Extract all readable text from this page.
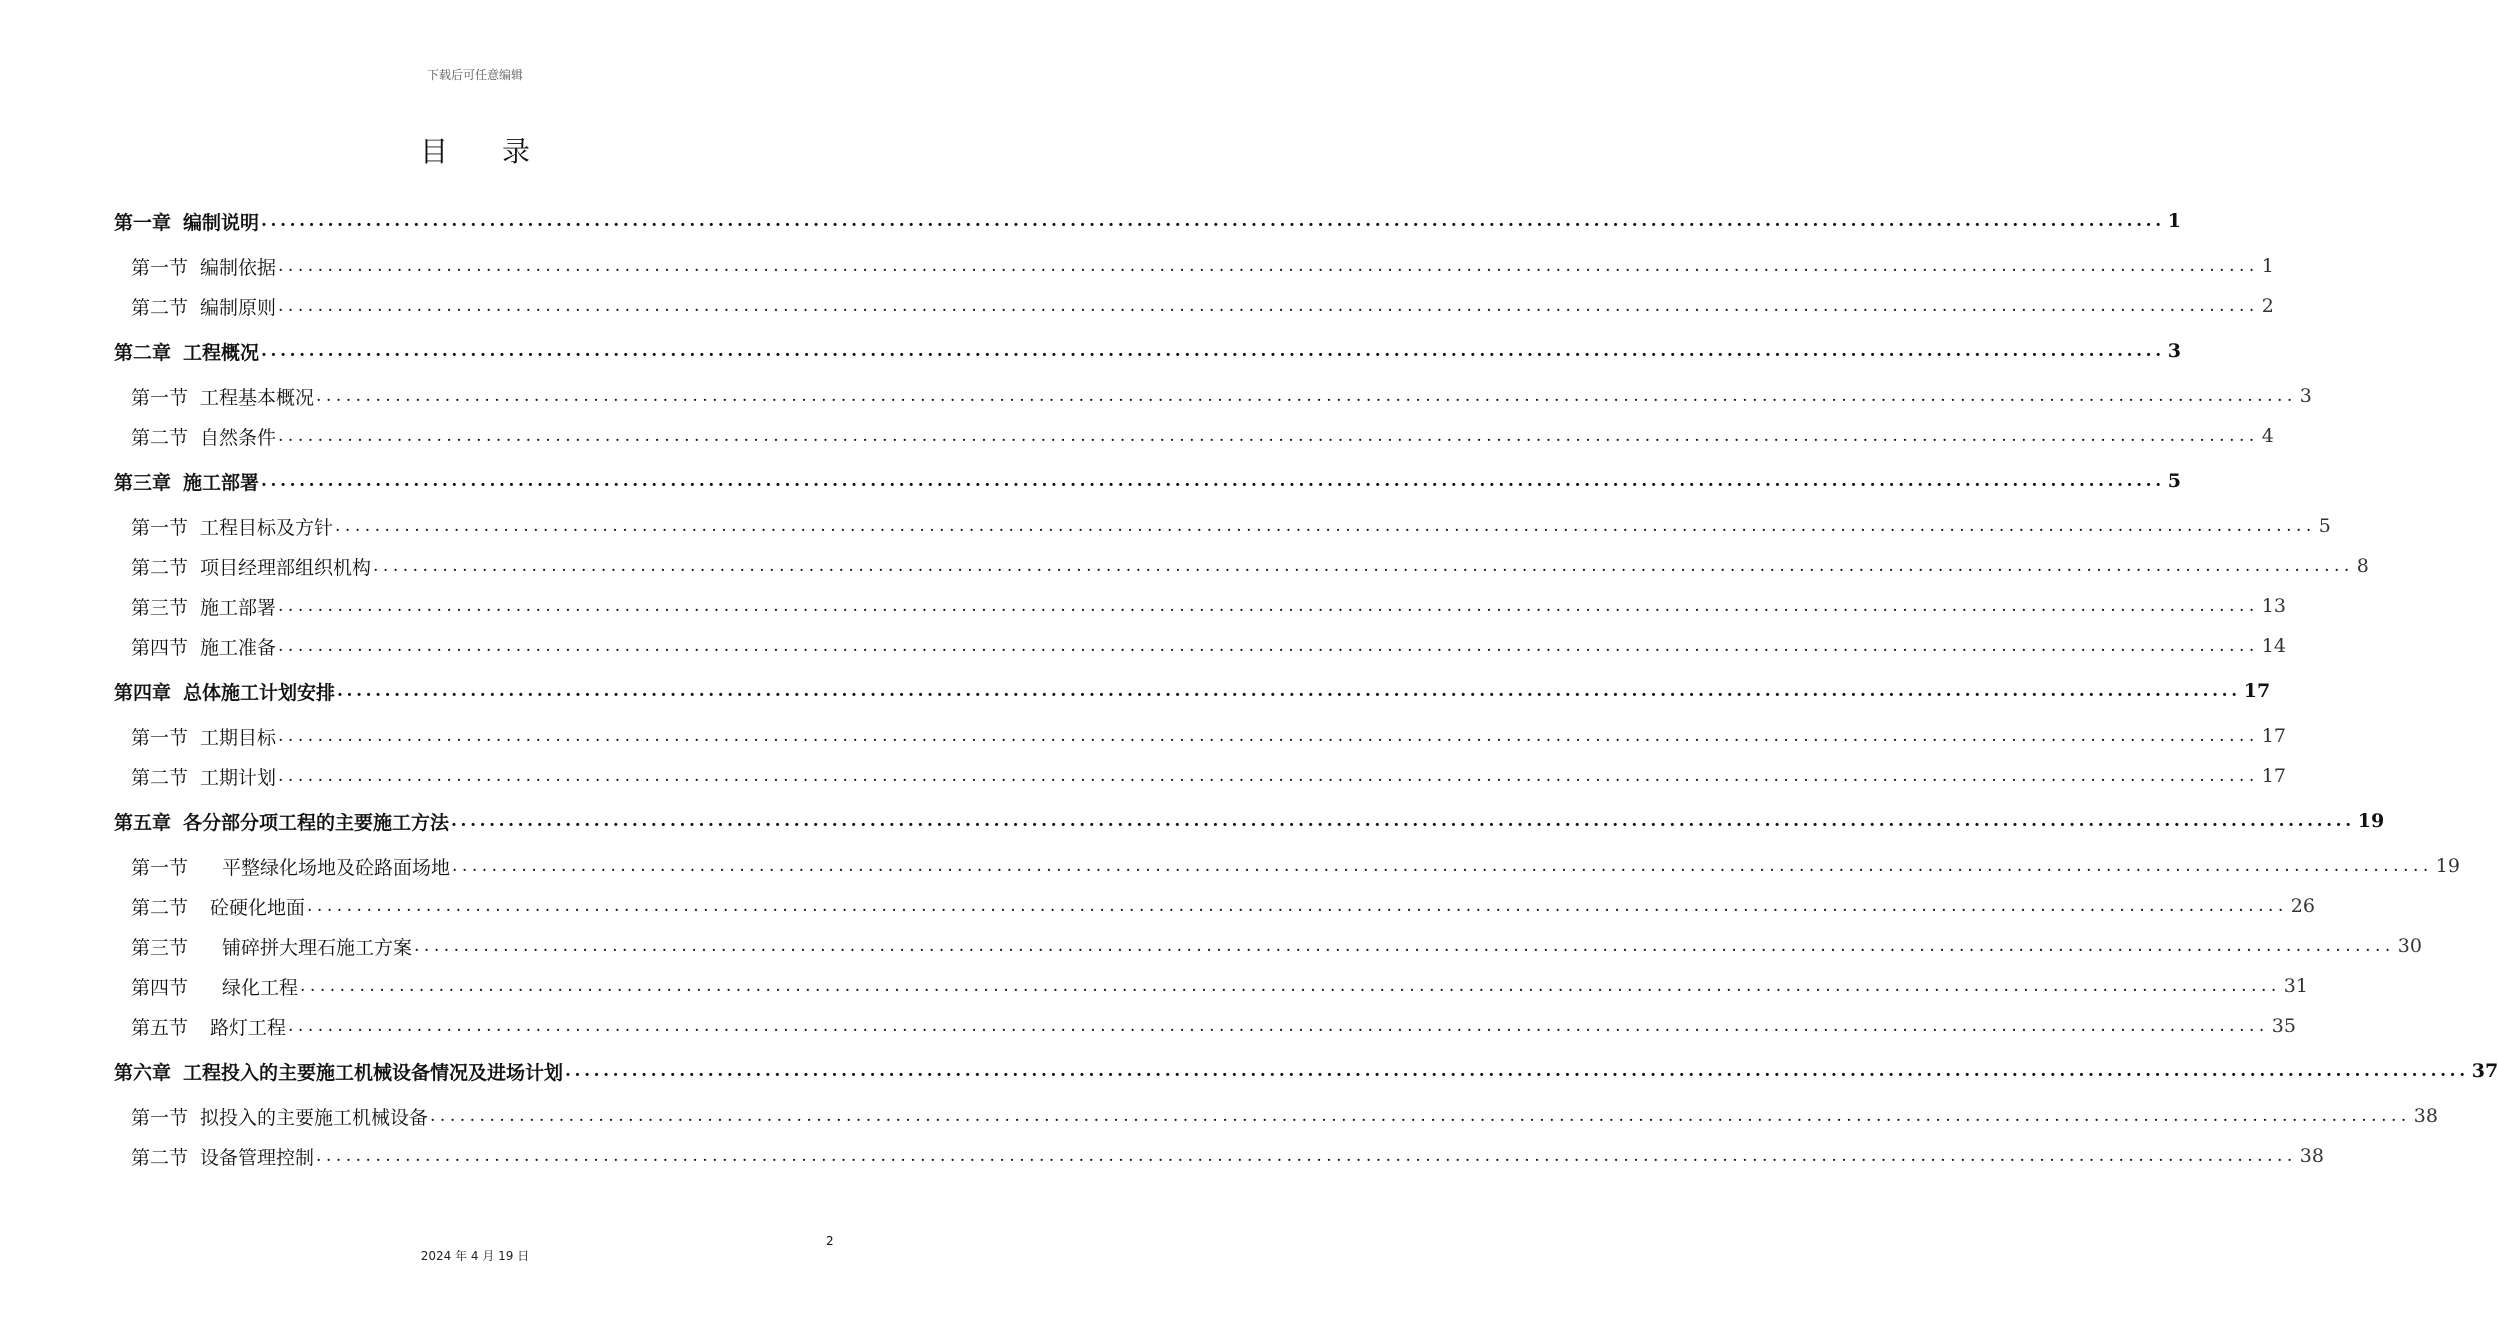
下载后可任意编辑
目录
第一章 编制说明 ........................................................................................................................................................................................................ 1
第一节 编制依据 ........................................................................................................................................................................................................ 1
第二节 编制原则 ........................................................................................................................................................................................................ 2
第二章 工程概况 ........................................................................................................................................................................................................ 3
第一节 工程基本概况 ........................................................................................................................................................................................................ 3
第二节 自然条件 ........................................................................................................................................................................................................ 4
第三章 施工部署 ........................................................................................................................................................................................................ 5
第一节 工程目标及方针 ........................................................................................................................................................................................................ 5
第二节 项目经理部组织机构 ........................................................................................................................................................................................................ 8
第三节 施工部署 ........................................................................................................................................................................................................ 13
第四节 施工准备 ........................................................................................................................................................................................................ 14
第四章 总体施工计划安排 ........................................................................................................................................................................................................ 17
第一节 工期目标 ........................................................................................................................................................................................................ 17
第二节 工期计划 ........................................................................................................................................................................................................ 17
第五章 各分部分项工程的主要施工方法 ........................................................................................................................................................................................................ 19
第一节 平整绿化场地及砼路面场地 ........................................................................................................................................................................................................ 19
第二节 砼硬化地面 ........................................................................................................................................................................................................ 26
第三节 铺碎拼大理石施工方案 ........................................................................................................................................................................................................ 30
第四节 绿化工程 ........................................................................................................................................................................................................ 31
第五节 路灯工程 ........................................................................................................................................................................................................ 35
第六章 工程投入的主要施工机械设备情况及进场计划 ........................................................................................................................................................................................................ 37
第一节 拟投入的主要施工机械设备 ........................................................................................................................................................................................................ 38
第二节 设备管理控制 ........................................................................................................................................................................................................ 38
2
2024 年 4 月 19 日
